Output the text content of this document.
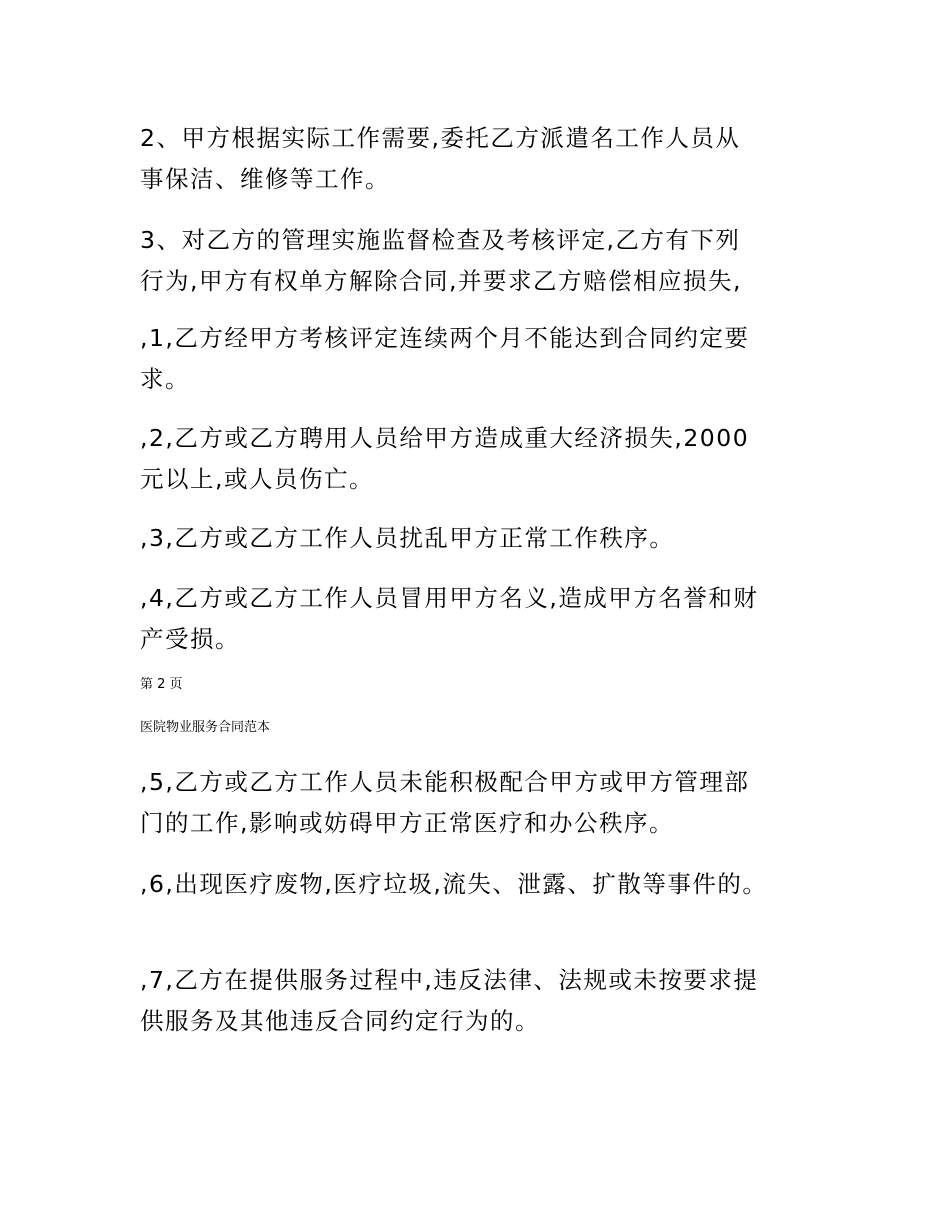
2、甲方根据实际工作需要,委托乙方派遣名工作人员从
事保洁、维修等工作。

3、对乙方的管理实施监督检查及考核评定,乙方有下列
行为,甲方有权单方解除合同,并要求乙方赔偿相应损失,

,1,乙方经甲方考核评定连续两个月不能达到合同约定要
求。

,2,乙方或乙方聘用人员给甲方造成重大经济损失,2000
元以上,或人员伤亡。

,3,乙方或乙方工作人员扰乱甲方正常工作秩序。

,4,乙方或乙方工作人员冒用甲方名义,造成甲方名誉和财
产受损。

第 2 页

医院物业服务合同范本

,5,乙方或乙方工作人员未能积极配合甲方或甲方管理部
门的工作,影响或妨碍甲方正常医疗和办公秩序。

,6,出现医疗废物,医疗垃圾,流失、泄露、扩散等事件的。

,7,乙方在提供服务过程中,违反法律、法规或未按要求提
供服务及其他违反合同约定行为的。
